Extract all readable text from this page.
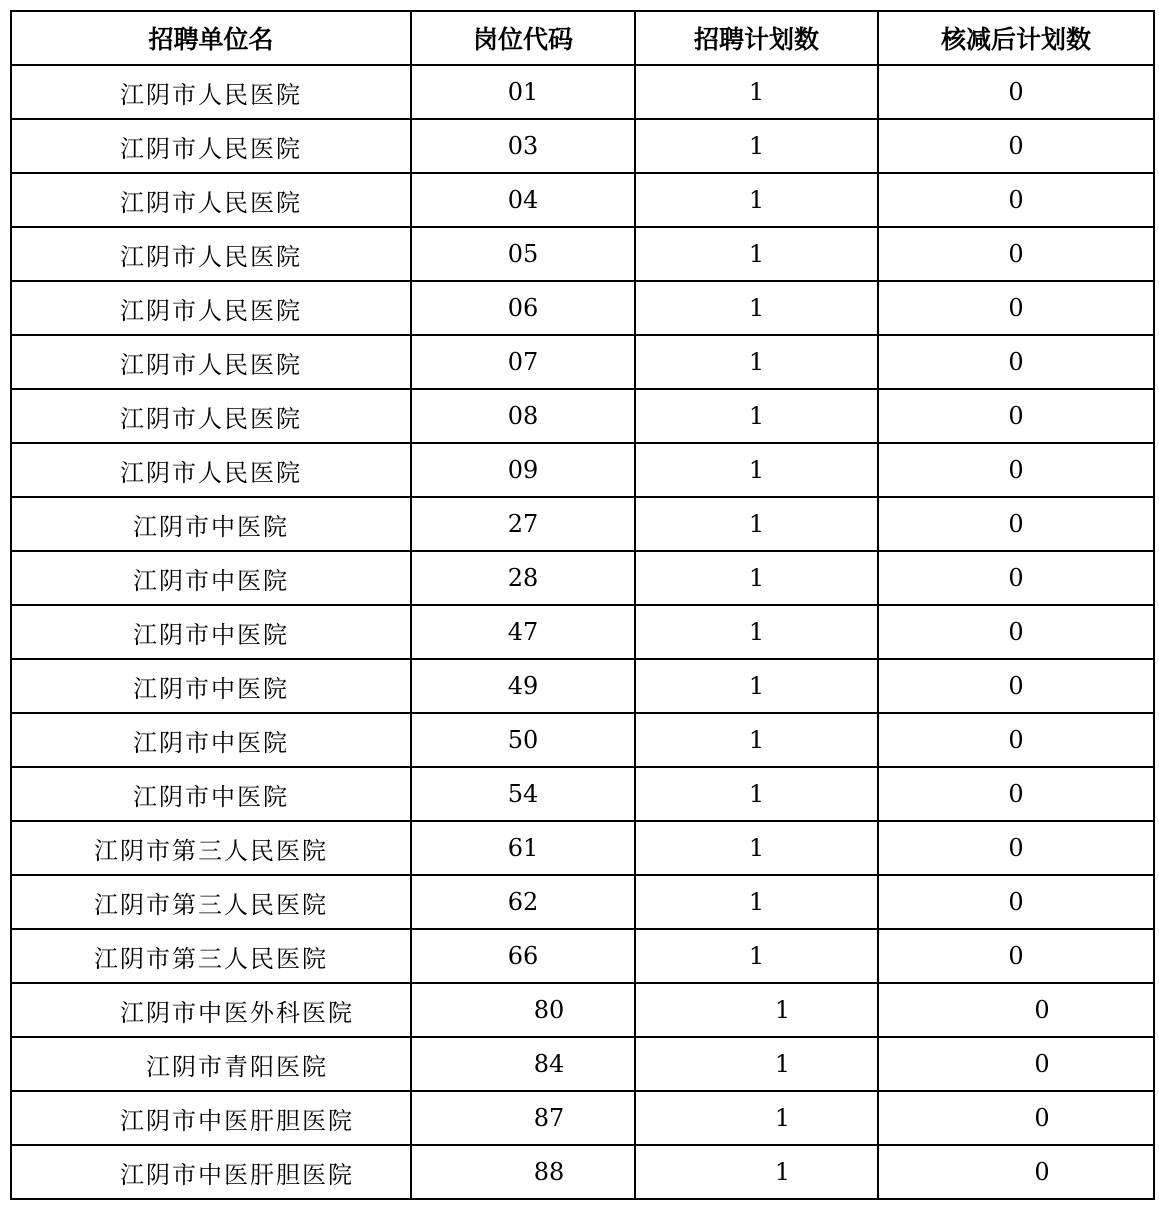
招聘单位名	岗位代码	招聘计划数	核减后计划数
江阴市人民医院	01	1	0
江阴市人民医院	03	1	0
江阴市人民医院	04	1	0
江阴市人民医院	05	1	0
江阴市人民医院	06	1	0
江阴市人民医院	07	1	0
江阴市人民医院	08	1	0
江阴市人民医院	09	1	0
江阴市中医院	27	1	0
江阴市中医院	28	1	0
江阴市中医院	47	1	0
江阴市中医院	49	1	0
江阴市中医院	50	1	0
江阴市中医院	54	1	0
江阴市第三人民医院	61	1	0
江阴市第三人民医院	62	1	0
江阴市第三人民医院	66	1	0
江阴市中医外科医院	80	1	0
江阴市青阳医院	84	1	0
江阴市中医肝胆医院	87	1	0
江阴市中医肝胆医院	88	1	0
